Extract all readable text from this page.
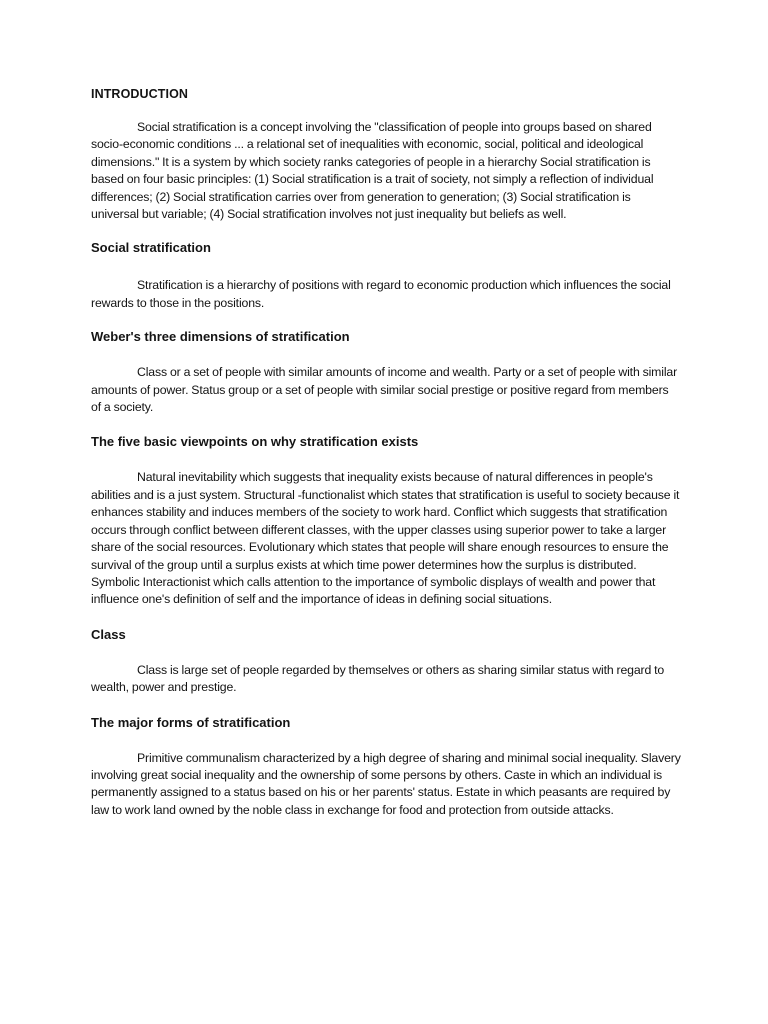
INTRODUCTION

Social stratification is a concept involving the "classification of people into groups based on shared socio-economic conditions ... a relational set of inequalities with economic, social, political and ideological dimensions." It is a system by which society ranks categories of people in a hierarchy Social stratification is based on four basic principles: (1) Social stratification is a trait of society, not simply a reflection of individual differences; (2) Social stratification carries over from generation to generation; (3) Social stratification is universal but variable; (4) Social stratification involves not just inequality but beliefs as well.

Social stratification

Stratification is a hierarchy of positions with regard to economic production which influences the social rewards to those in the positions.

Weber's three dimensions of stratification

Class or a set of people with similar amounts of income and wealth. Party or a set of people with similar amounts of power. Status group or a set of people with similar social prestige or positive regard from members of a society.

The five basic viewpoints on why stratification exists

Natural inevitability which suggests that inequality exists because of natural differences in people's abilities and is a just system. Structural -functionalist which states that stratification is useful to society because it enhances stability and induces members of the society to work hard. Conflict which suggests that stratification occurs through conflict between different classes, with the upper classes using superior power to take a larger share of the social resources. Evolutionary which states that people will share enough resources to ensure the survival of the group until a surplus exists at which time power determines how the surplus is distributed. Symbolic Interactionist which calls attention to the importance of symbolic displays of wealth and power that influence one's definition of self and the importance of ideas in defining social situations.

Class

Class is large set of people regarded by themselves or others as sharing similar status with regard to wealth, power and prestige.

The major forms of stratification

Primitive communalism characterized by a high degree of sharing and minimal social inequality. Slavery involving great social inequality and the ownership of some persons by others. Caste in which an individual is permanently assigned to a status based on his or her parents' status. Estate in which peasants are required by law to work land owned by the noble class in exchange for food and protection from outside attacks.
